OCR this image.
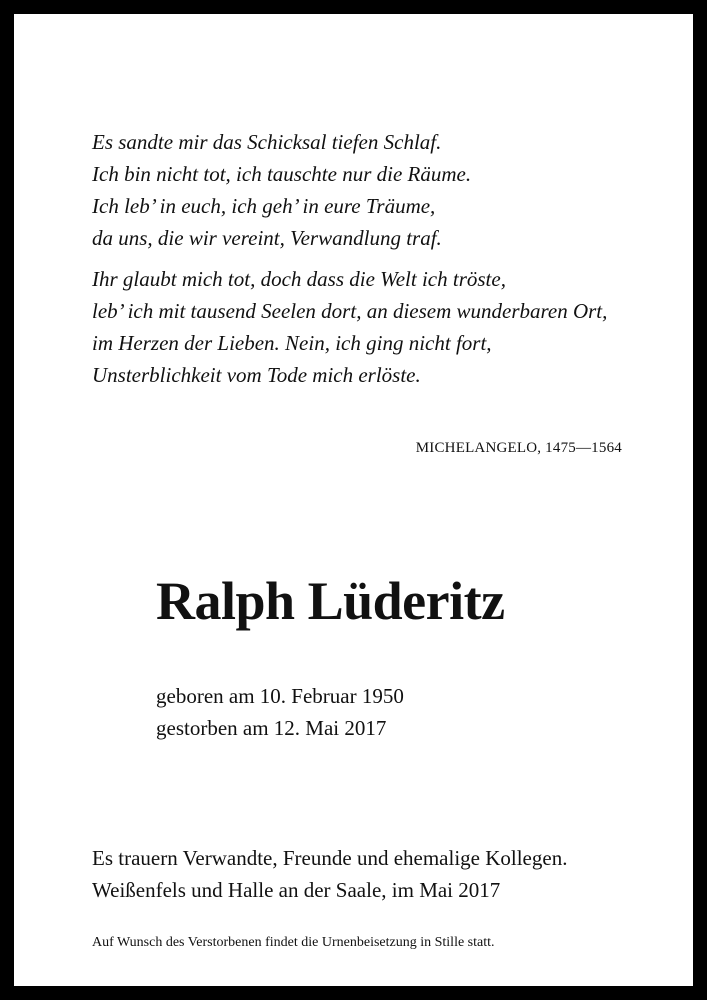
Es sandte mir das Schicksal tiefen Schlaf.
Ich bin nicht tot, ich tauschte nur die Räume.
Ich leb’ in euch, ich geh’ in eure Träume,
da uns, die wir vereint, Verwandlung traf.

Ihr glaubt mich tot, doch dass die Welt ich tröste,
leb’ ich mit tausend Seelen dort, an diesem wunderbaren Ort,
im Herzen der Lieben. Nein, ich ging nicht fort,
Unsterblichkeit vom Tode mich erlöste.

MICHELANGELO, 1475—1564
Ralph Lüderitz
geboren am 10. Februar 1950
gestorben am 12. Mai 2017
Es trauern Verwandte, Freunde und ehemalige Kollegen.
Weißenfels und Halle an der Saale, im Mai 2017
Auf Wunsch des Verstorbenen findet die Urnenbeisetzung in Stille statt.
